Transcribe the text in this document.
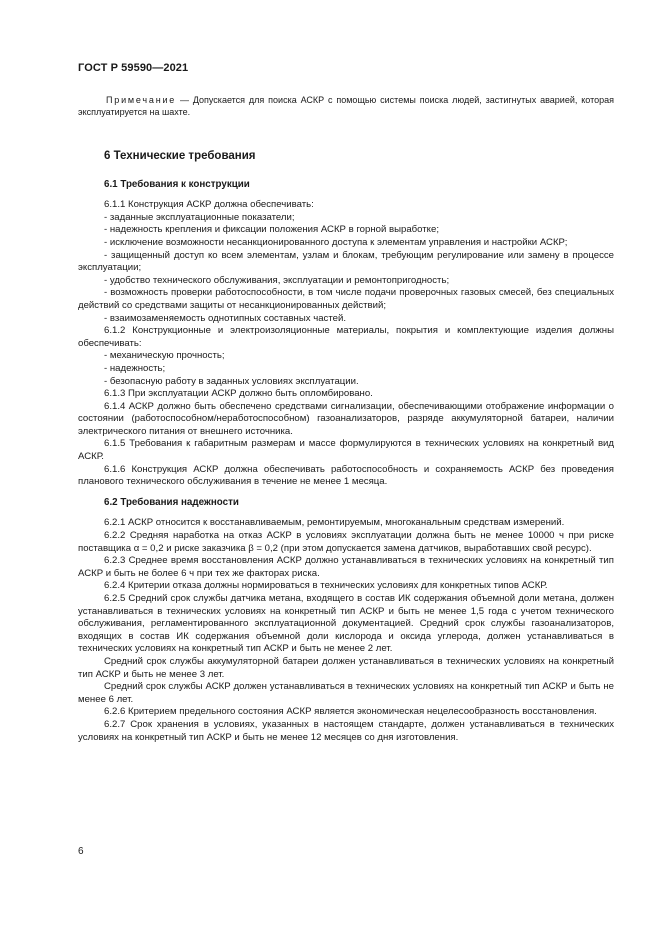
ГОСТ Р 59590—2021

Примечание — Допускается для поиска АСКР с помощью системы поиска людей, застигнутых аварией, которая эксплуатируется на шахте.

6 Технические требования
6.1 Требования к конструкции

6.1.1 Конструкция АСКР должна обеспечивать:

- заданные эксплуатационные показатели;

- надежность крепления и фиксации положения АСКР в горной выработке;

- исключение возможности несанкционированного доступа к элементам управления и настройки АСКР;

- защищенный доступ ко всем элементам, узлам и блокам, требующим регулирование или замену в процессе эксплуатации;

- удобство технического обслуживания, эксплуатации и ремонтопригодность;

- возможность проверки работоспособности, в том числе подачи проверочных газовых смесей, без специальных действий со средствами защиты от несанкционированных действий;

- взаимозаменяемость однотипных составных частей.

6.1.2 Конструкционные и электроизоляционные материалы, покрытия и комплектующие изделия должны обеспечивать:

- механическую прочность;

- надежность;

- безопасную работу в заданных условиях эксплуатации.

6.1.3 При эксплуатации АСКР должно быть опломбировано.

6.1.4 АСКР должно быть обеспечено средствами сигнализации, обеспечивающими отображение информации о состоянии (работоспособном/неработоспособном) газоанализаторов, разряде аккумуляторной батареи, наличии электрического питания от внешнего источника.

6.1.5 Требования к габаритным размерам и массе формулируются в технических условиях на конкретный вид АСКР.

6.1.6 Конструкция АСКР должна обеспечивать работоспособность и сохраняемость АСКР без проведения планового технического обслуживания в течение не менее 1 месяца.

6.2 Требования надежности

6.2.1 АСКР относится к восстанавливаемым, ремонтируемым, многоканальным средствам измерений.

6.2.2 Средняя наработка на отказ АСКР в условиях эксплуатации должна быть не менее 10000 ч при риске поставщика α = 0,2 и риске заказчика β = 0,2 (при этом допускается замена датчиков, выработавших свой ресурс).

6.2.3 Среднее время восстановления АСКР должно устанавливаться в технических условиях на конкретный тип АСКР и быть не более 6 ч при тех же факторах риска.

6.2.4 Критерии отказа должны нормироваться в технических условиях для конкретных типов АСКР.

6.2.5 Средний срок службы датчика метана, входящего в состав ИК содержания объемной доли метана, должен устанавливаться в технических условиях на конкретный тип АСКР и быть не менее 1,5 года с учетом технического обслуживания, регламентированного эксплуатационной документацией. Средний срок службы газоанализаторов, входящих в состав ИК содержания объемной доли кислорода и оксида углерода, должен устанавливаться в технических условиях на конкретный тип АСКР и быть не менее 2 лет.

Средний срок службы аккумуляторной батареи должен устанавливаться в технических условиях на конкретный тип АСКР и быть не менее 3 лет.

Средний срок службы АСКР должен устанавливаться в технических условиях на конкретный тип АСКР и быть не менее 6 лет.

6.2.6 Критерием предельного состояния АСКР является экономическая нецелесообразность восстановления.

6.2.7 Срок хранения в условиях, указанных в настоящем стандарте, должен устанавливаться в технических условиях на конкретный тип АСКР и быть не менее 12 месяцев со дня изготовления.

6
